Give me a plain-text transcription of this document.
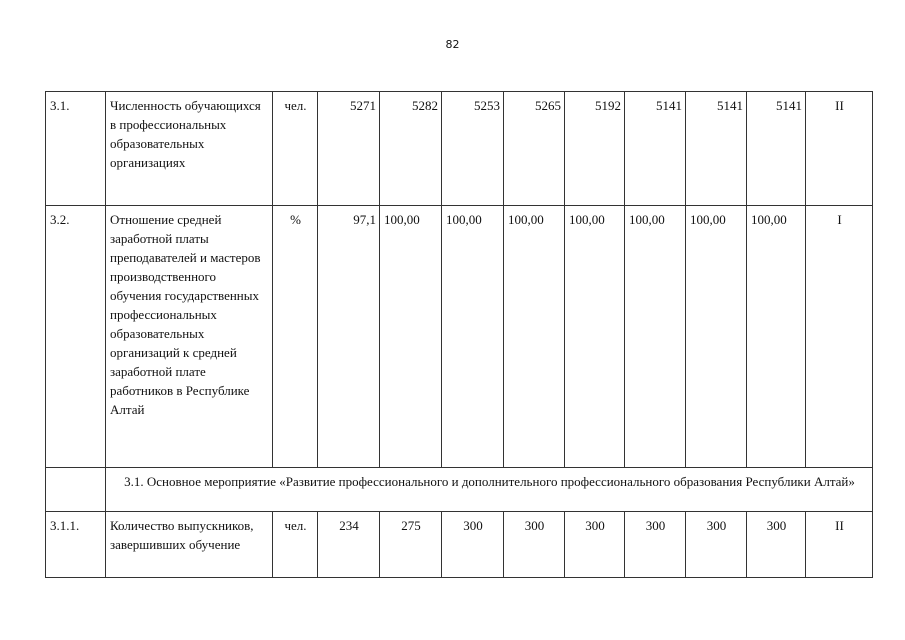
82
3.1.	Численность обучающихся в профессиональных образовательных организациях	чел.	5271	5282	5253	5265	5192	5141	5141	5141	II
3.2.	Отношение средней заработной платы преподавателей и мастеров производственного обучения государственных профессиональных образовательных организаций к средней заработной плате работников в Республике Алтай	%	97,1	100,00	100,00	100,00	100,00	100,00	100,00	100,00	I
	3.1. Основное мероприятие «Развитие профессионального и дополнительного профессионального образования Республики Алтай»										
3.1.1.	Количество выпускников, завершивших обучение	чел.	234	275	300	300	300	300	300	300	II
